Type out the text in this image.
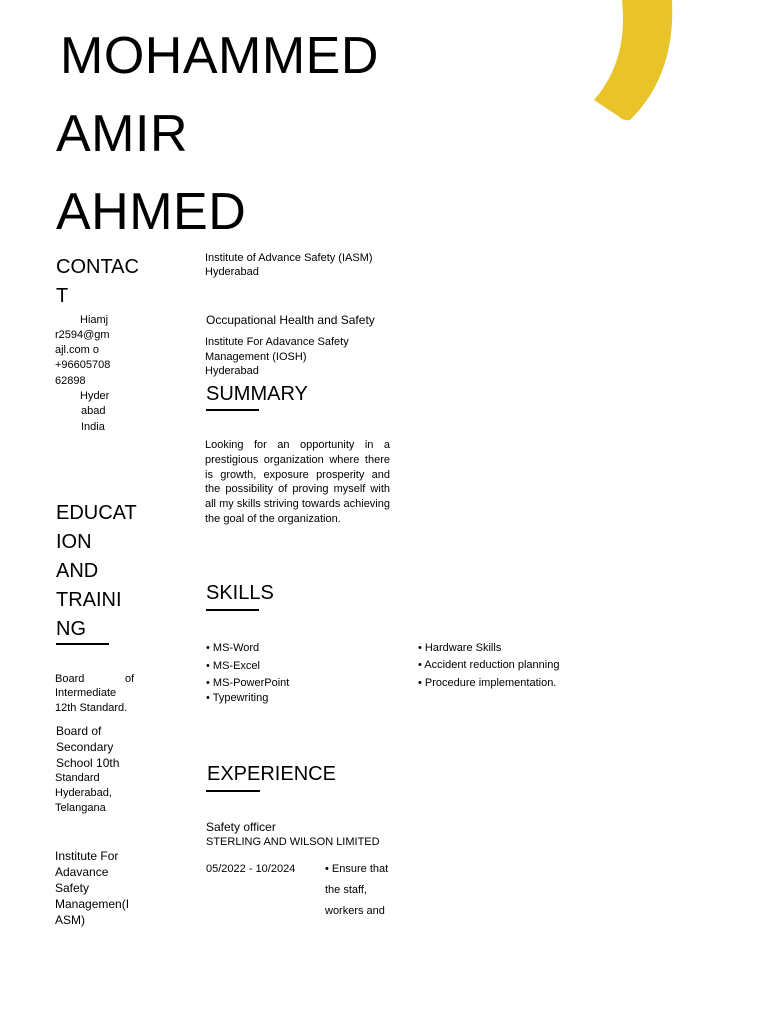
MOHAMMED
AMIR
AHMED
CONTAC
T
Hiamj
r2594@gm
ajl.com o
+96605708
62898
Hyder
abad
India
EDUCAT
ION
AND
TRAINI
NG
Board	of
Intermediate
12th Standard.
Board of
Secondary
School 10th
Standard
Hyderabad,
Telangana
Institute For
Adavance
Safety
Managemen(I
ASM)
Institute of Advance Safety (IASM)
Hyderabad
Occupational Health and Safety
Institute For Adavance Safety
Management (IOSH)
Hyderabad
SUMMARY
Looking for an opportunity in a prestigious organization where there is growth, exposure prosperity and the possibility of proving myself with all my skills striving towards achieving the goal of the organization.
SKILLS
• MS-Word
• MS-Excel
• MS-PowerPoint
• Typewriting
• Hardware Skills
• Accident reduction planning
• Procedure implementation.
EXPERIENCE
Safety officer
STERLING AND WILSON LIMITED
05/2022 - 10/2024	• Ensure that
the staff,
workers and
